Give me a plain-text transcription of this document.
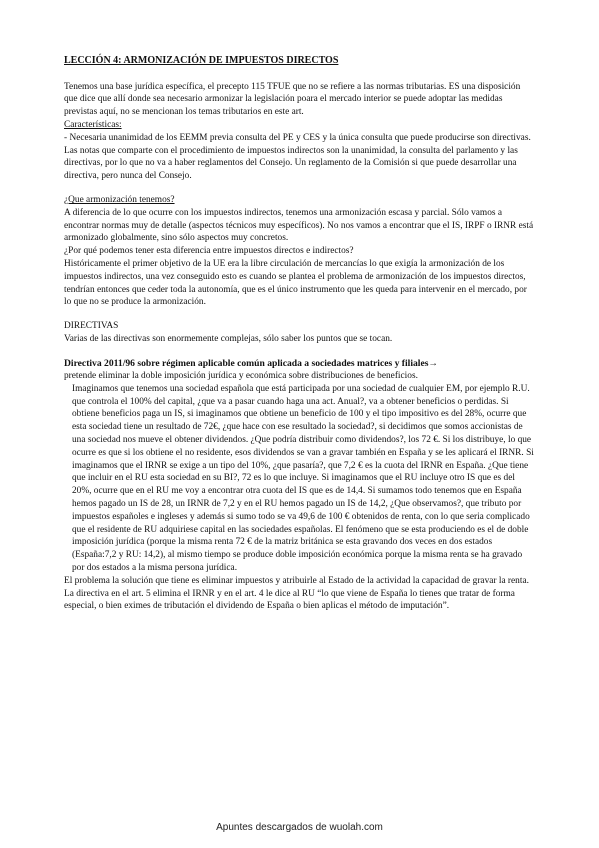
LECCIÓN 4: ARMONIZACIÓN DE IMPUESTOS DIRECTOS

Tenemos una base jurídica específica, el precepto 115 TFUE que no se refiere a las normas tributarias. ES una disposición que dice que allí donde sea necesario armonizar la legislación poara el mercado interior se puede adoptar las medidas previstas aquí, no se mencionan los temas tributarios en este art.

Características:

- Necesaria unanimidad de los EEMM previa consulta del PE y CES y la única consulta que puede producirse son directivas.

Las notas que comparte con el procedimiento de impuestos indirectos son la unanimidad, la consulta del parlamento y las directivas, por lo que no va a haber reglamentos del Consejo. Un reglamento de la Comisión si que puede desarrollar una directiva, pero nunca del Consejo.

¿Que armonización tenemos?

A diferencia de lo que ocurre con los impuestos indirectos, tenemos una armonización escasa y parcial. Sólo vamos a encontrar normas muy de detalle (aspectos técnicos muy específicos). No nos vamos a encontrar que el IS, IRPF o IRNR está armonizado globalmente, sino sólo aspectos muy concretos.

¿Por qué podemos tener esta diferencia entre impuestos directos e indirectos?

Históricamente el primer objetivo de la UE era la libre circulación de mercancías lo que exigía la armonización de los impuestos indirectos, una vez conseguido esto es cuando se plantea el problema de armonización de los impuestos directos, tendrían entonces que ceder toda la autonomía, que es el único instrumento que les queda para intervenir en el mercado, por lo que no se produce la armonización.

DIRECTIVAS

Varias de las directivas son enormemente complejas, sólo saber los puntos que se tocan.

Directiva 2011/96 sobre régimen aplicable común aplicada a sociedades matrices y filiales→

pretende eliminar la doble imposición jurídica y económica sobre distribuciones de beneficios.

Imaginamos que tenemos una sociedad española que está participada por una sociedad de cualquier EM, por ejemplo R.U. que controla el 100% del capital, ¿que va a pasar cuando haga una act. Anual?, va a obtener beneficios o perdidas. Si obtiene beneficios paga un IS, si imaginamos que obtiene un beneficio de 100 y el tipo impositivo es del 28%, ocurre que esta sociedad tiene un resultado de 72€, ¿que hace con ese resultado la sociedad?, si decidimos que somos accionistas de una sociedad nos mueve el obtener dividendos. ¿Que podría distribuir como dividendos?, los 72 €. Si los distribuye, lo que ocurre es que si los obtiene el no residente, esos dividendos se van a gravar también en España y se les aplicará el IRNR. Si imaginamos que el IRNR se exige a un tipo del 10%, ¿que pasaría?, que 7,2 € es la cuota del IRNR en España. ¿Que tiene que incluir en el RU esta sociedad en su BI?, 72 es lo que incluye. Si imaginamos que el RU incluye otro IS que es del 20%, ocurre que en el RU me voy a encontrar otra cuota del IS que es de 14,4. Si sumamos todo tenemos que en España hemos pagado un IS de 28, un IRNR de 7,2 y en el RU hemos pagado un IS de 14,2, ¿Que observamos?, que tributo por impuestos españoles e ingleses y además si sumo todo se va 49,6 de 100 € obtenidos de renta, con lo que seria complicado que el residente de RU adquiriese capital en las sociedades españolas. El fenómeno que se esta produciendo es el de doble imposición jurídica (porque la misma renta 72 € de la matriz británica se esta gravando dos veces en dos estados (España:7,2 y RU: 14,2), al mismo tiempo se produce doble imposición económica porque la misma renta se ha gravado por dos estados a la misma persona jurídica.

El problema la solución que tiene es eliminar impuestos y atribuirle al Estado de la actividad la capacidad de gravar la renta. La directiva en el art. 5 elimina el IRNR y en el art. 4 le dice al RU “lo que viene de España lo tienes que tratar de forma especial, o bien eximes de tributación el dividendo de España o bien aplicas el método de imputación”.

Apuntes descargados de wuolah.com
